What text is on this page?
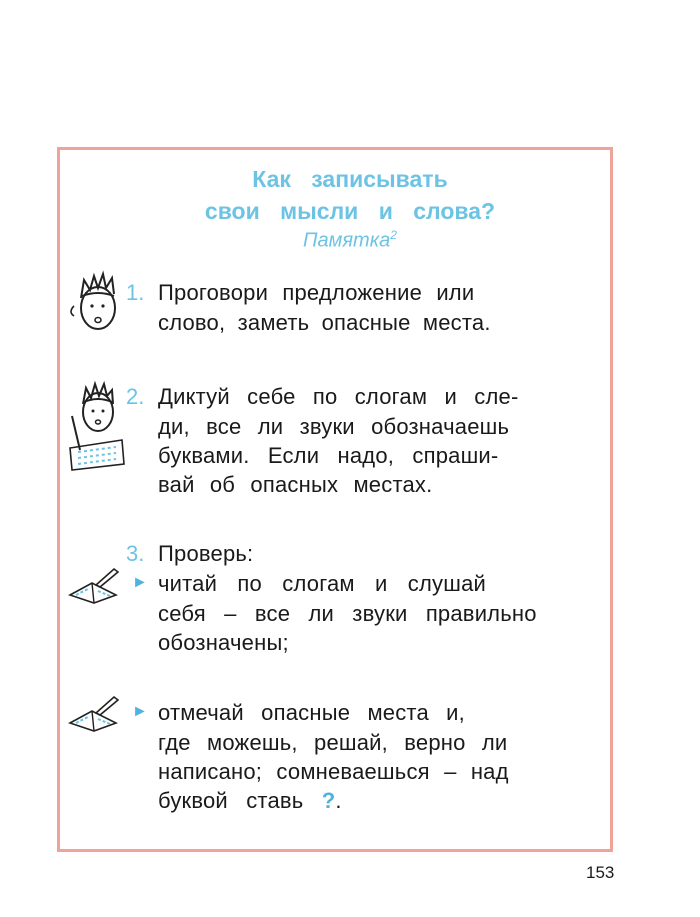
Как записывать
свои мысли и слова?
Памятка$^2$
1. Проговори предложение или
слово, заметь опасные места.
2. Диктуй себе по слогам и сле-
ди, все ли звуки обозначаешь
буквами. Если надо, спраши-
вай об опасных местах.
3. Проверь:
► читай по слогам и слушай
себя – все ли звуки правильно
обозначены;
► отмечай опасные места и,
где можешь, решай, верно ли
написано; сомневаешься – над
буквой ставь ?.
153
